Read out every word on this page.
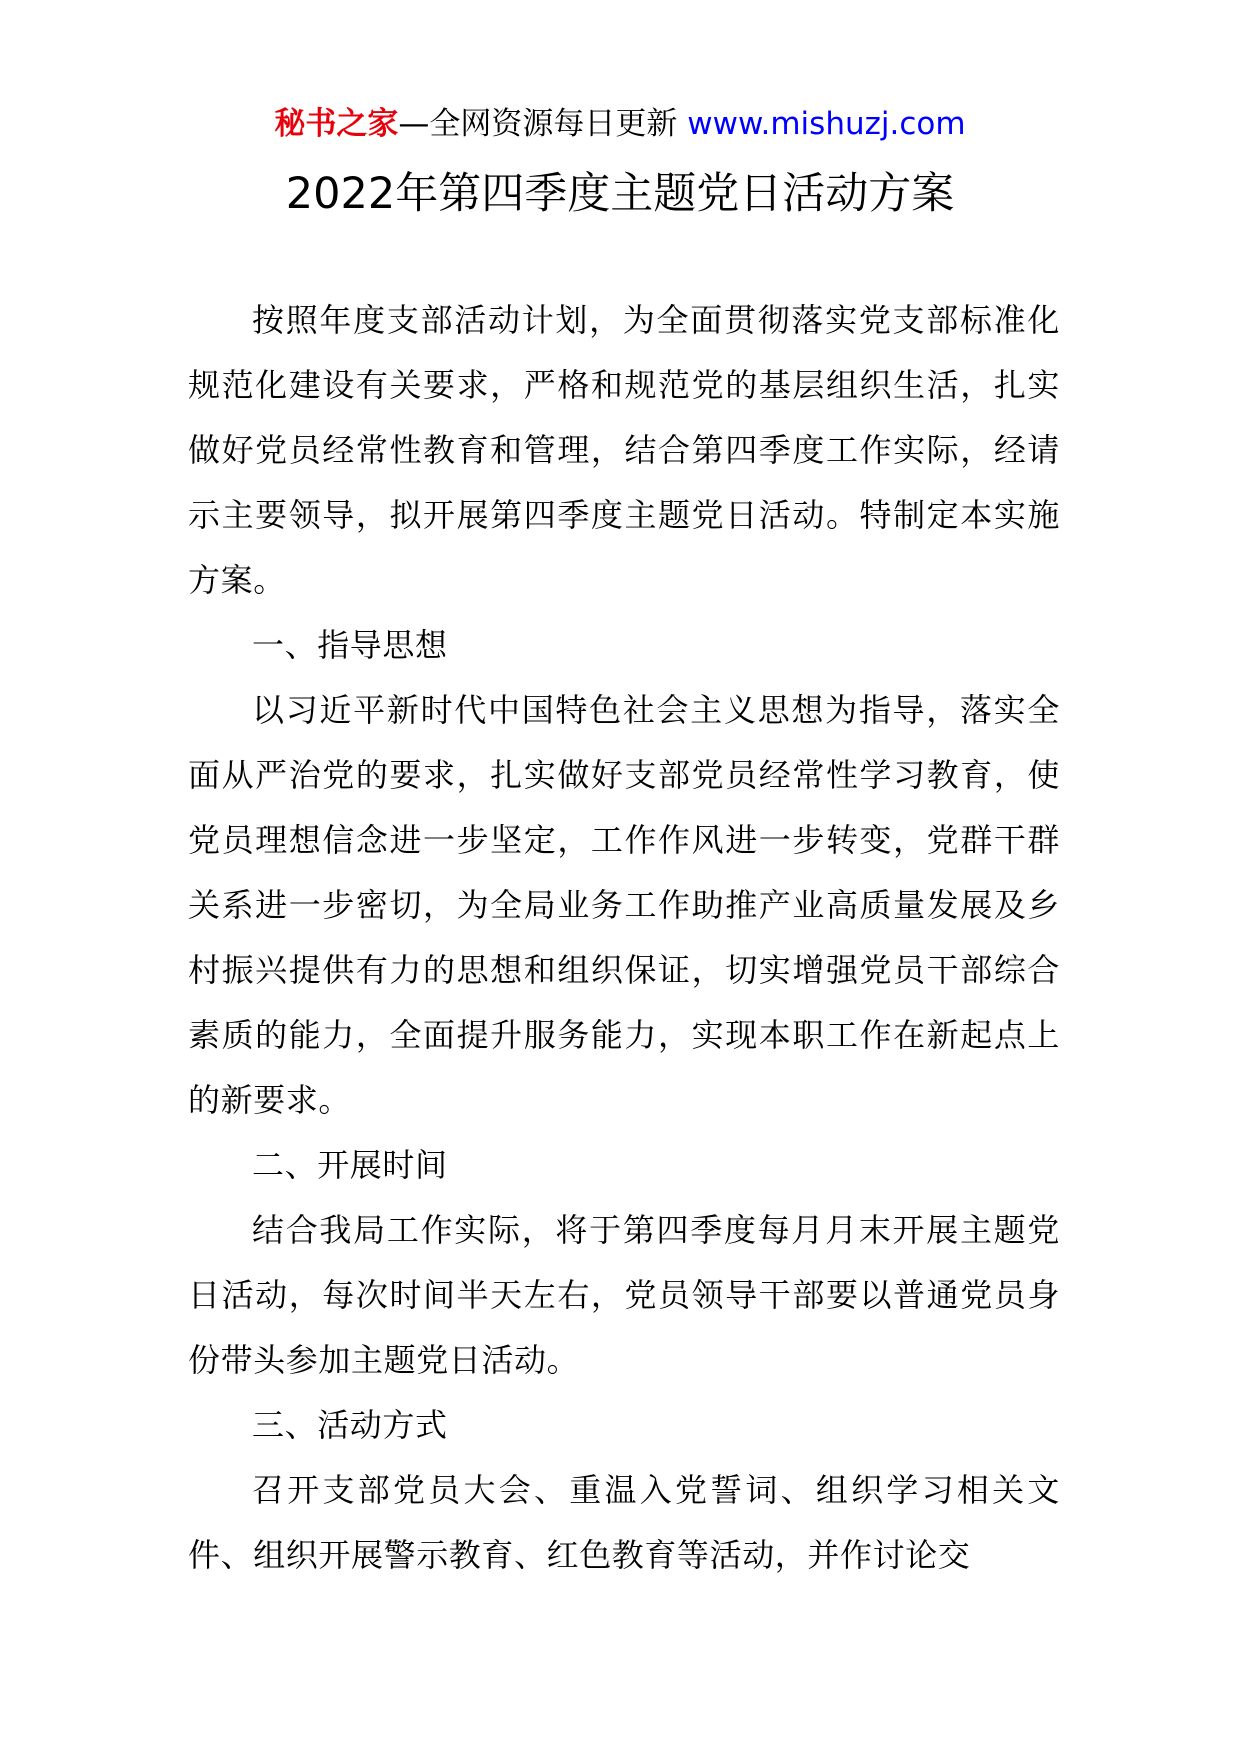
秘书之家—全网资源每日更新 www.mishuzj.com
2022年第四季度主题党日活动方案

按照年度支部活动计划，为全面贯彻落实党支部标准化规范化建设有关要求，严格和规范党的基层组织生活，扎实做好党员经常性教育和管理，结合第四季度工作实际，经请示主要领导，拟开展第四季度主题党日活动。特制定本实施方案。

一、指导思想

以习近平新时代中国特色社会主义思想为指导，落实全面从严治党的要求，扎实做好支部党员经常性学习教育，使党员理想信念进一步坚定，工作作风进一步转变，党群干群关系进一步密切，为全局业务工作助推产业高质量发展及乡村振兴提供有力的思想和组织保证，切实增强党员干部综合素质的能力，全面提升服务能力，实现本职工作在新起点上的新要求。

二、开展时间

结合我局工作实际，将于第四季度每月月末开展主题党日活动，每次时间半天左右，党员领导干部要以普通党员身份带头参加主题党日活动。

三、活动方式

召开支部党员大会、重温入党誓词、组织学习相关文件、组织开展警示教育、红色教育等活动，并作讨论交
